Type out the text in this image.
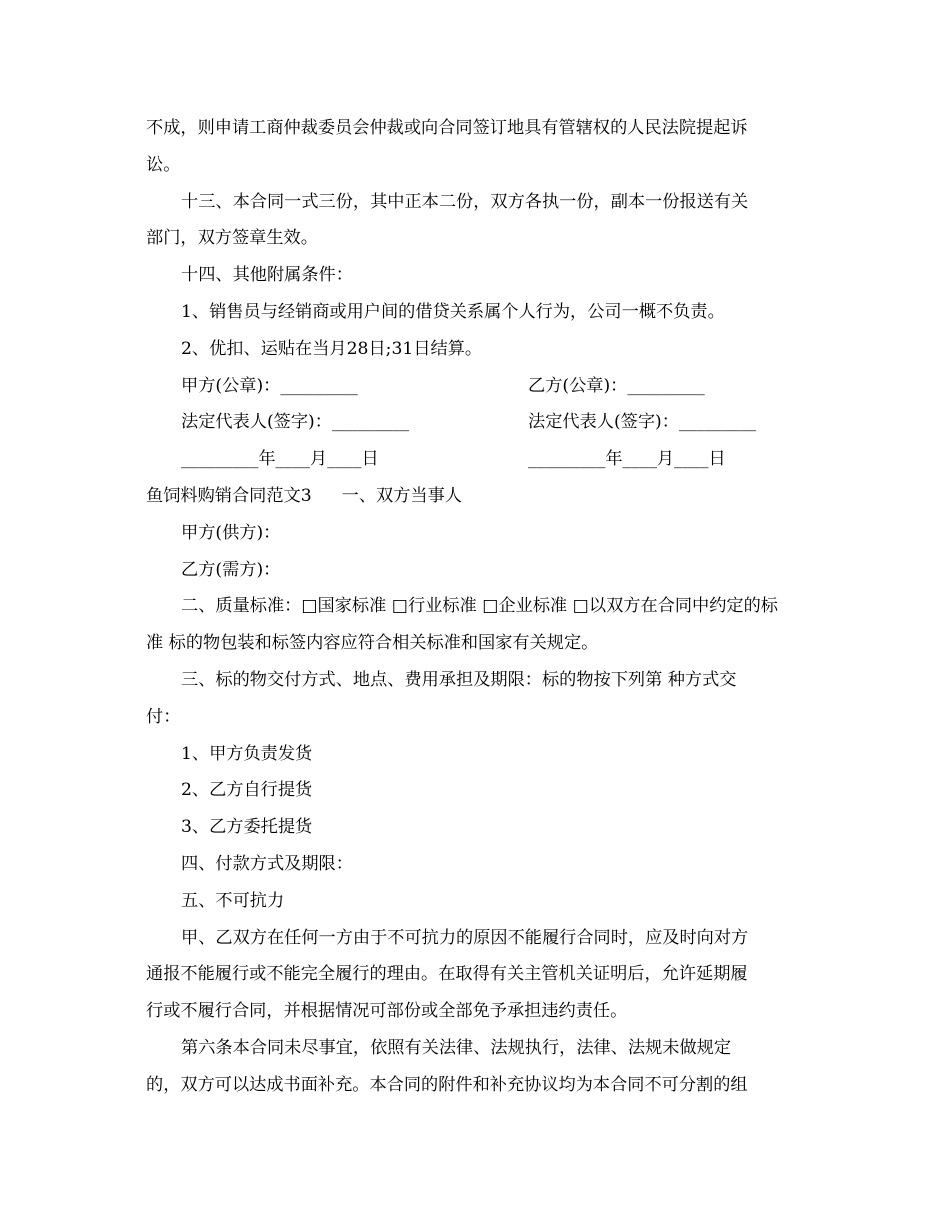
不成，则申请工商仲裁委员会仲裁或向合同签订地具有管辖权的人民法院提起诉
讼。
十三、本合同一式三份，其中正本二份，双方各执一份，副本一份报送有关
部门，双方签章生效。
十四、其他附属条件：
1、销售员与经销商或用户间的借贷关系属个人行为，公司一概不负责。
2、优扣、运贴在当月28日;31日结算。
甲方(公章)：_________	乙方(公章)：_________
法定代表人(签字)：_________	法定代表人(签字)：_________
_________年____月____日	_________年____月____日
鱼饲料购销合同范文3 一、双方当事人
甲方(供方)：
乙方(需方)：
二、质量标准：□国家标准 □行业标准 □企业标准 □以双方在合同中约定的标
准 标的物包装和标签内容应符合相关标准和国家有关规定。
三、标的物交付方式、地点、费用承担及期限：标的物按下列第 种方式交
付：
1、甲方负责发货
2、乙方自行提货
3、乙方委托提货
四、付款方式及期限：
五、不可抗力
甲、乙双方在任何一方由于不可抗力的原因不能履行合同时，应及时向对方
通报不能履行或不能完全履行的理由。在取得有关主管机关证明后，允许延期履
行或不履行合同，并根据情况可部份或全部免予承担违约责任。
第六条本合同未尽事宜，依照有关法律、法规执行，法律、法规未做规定
的，双方可以达成书面补充。本合同的附件和补充协议均为本合同不可分割的组
